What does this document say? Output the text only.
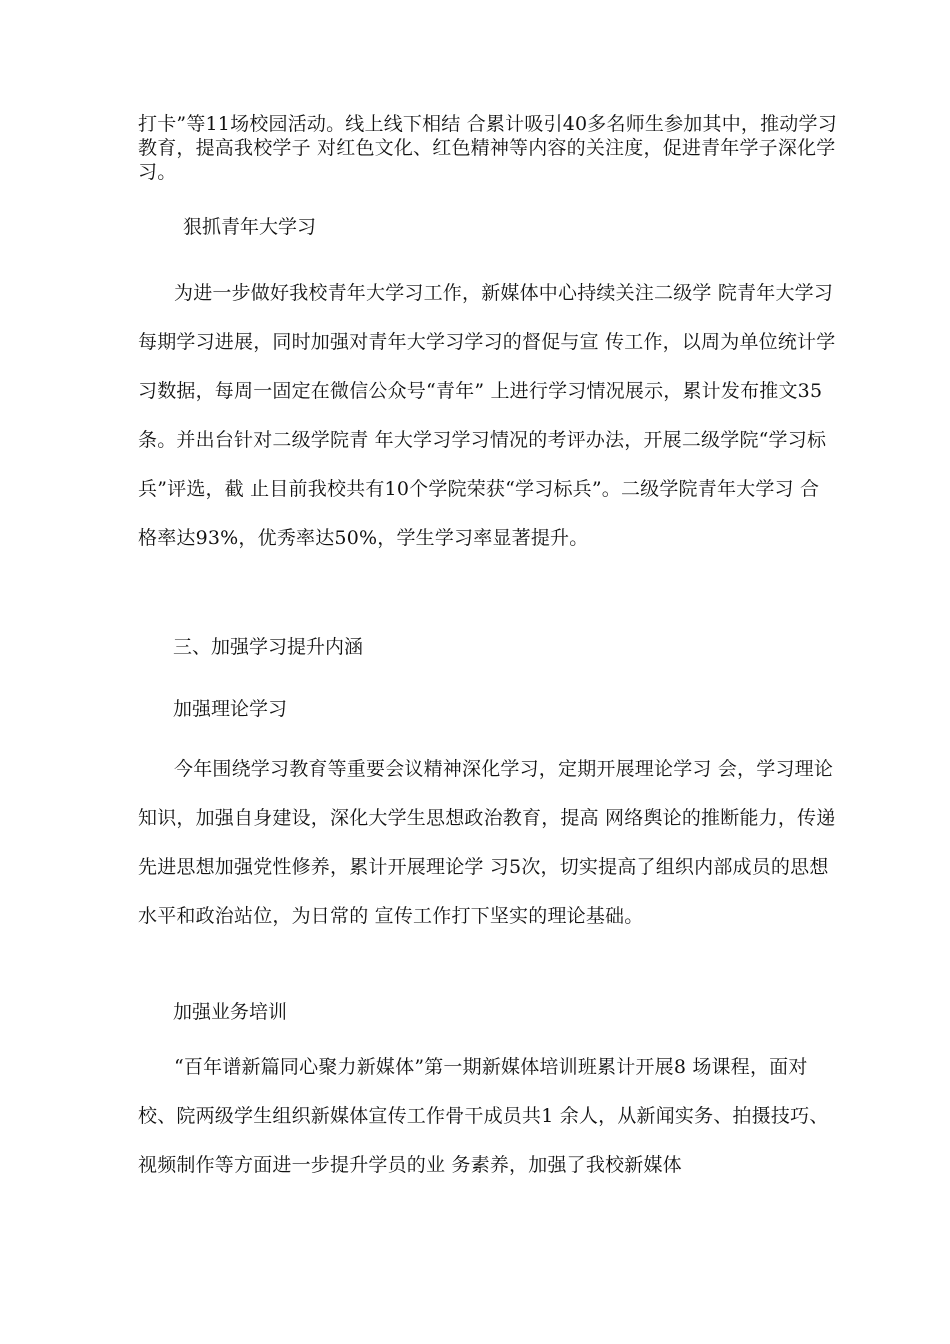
打卡”等11场校园活动。线上线下相结 合累计吸引40多名师生参加其中，推动学习教育，提高我校学子 对红色文化、红色精神等内容的关注度，促进青年学子深化学习。

狠抓青年大学习

为进一步做好我校青年大学习工作，新媒体中心持续关注二级学 院青年大学习每期学习进展，同时加强对青年大学习学习的督促与宣 传工作，以周为单位统计学习数据，每周一固定在微信公众号“青年” 上进行学习情况展示，累计发布推文35条。并出台针对二级学院青 年大学习学习情况的考评办法，开展二级学院“学习标兵”评选，截 止目前我校共有10个学院荣获“学习标兵”。二级学院青年大学习 合格率达93%，优秀率达50%，学生学习率显著提升。

三、加强学习提升内涵

加强理论学习

今年围绕学习教育等重要会议精神深化学习，定期开展理论学习 会，学习理论知识，加强自身建设，深化大学生思想政治教育，提高 网络舆论的推断能力，传递先进思想加强党性修养，累计开展理论学 习5次，切实提高了组织内部成员的思想水平和政治站位，为日常的 宣传工作打下坚实的理论基础。

加强业务培训

“百年谱新篇同心聚力新媒体”第一期新媒体培训班累计开展8 场课程，面对校、院两级学生组织新媒体宣传工作骨干成员共1 余人，从新闻实务、拍摄技巧、视频制作等方面进一步提升学员的业 务素养，加强了我校新媒体
